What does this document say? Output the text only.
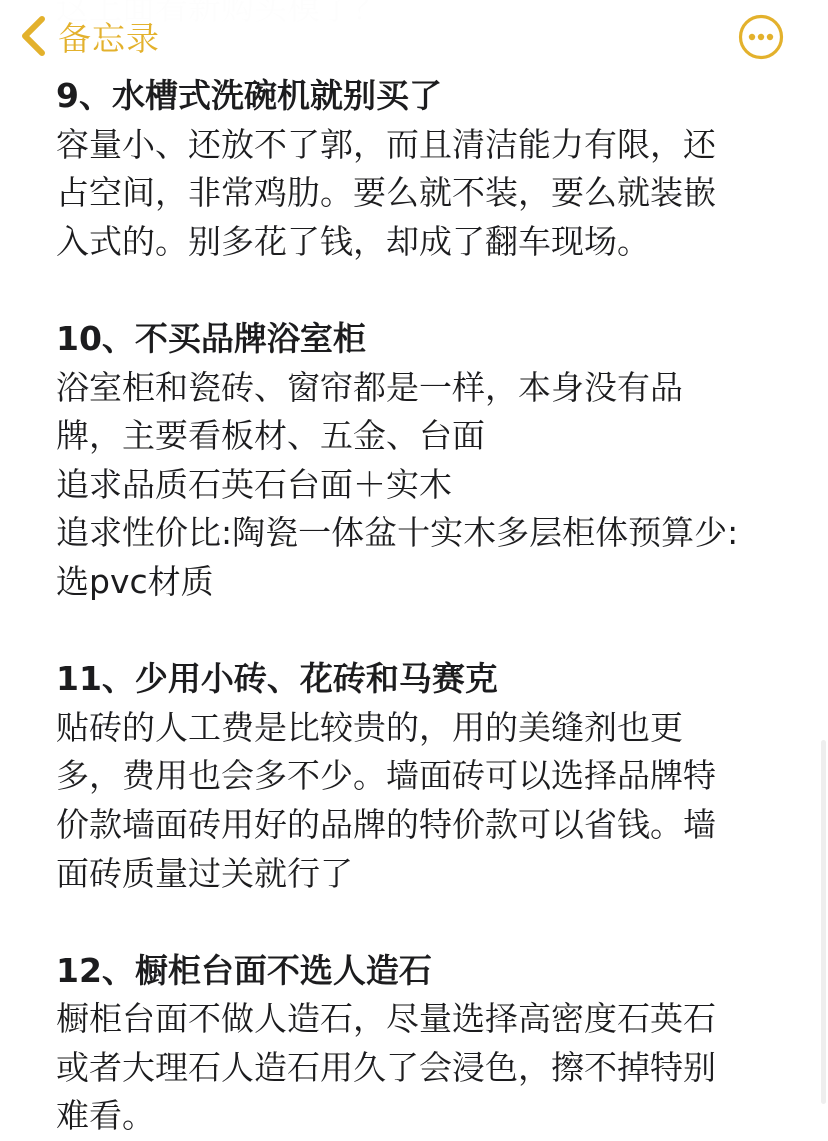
备忘录
9、水槽式洗碗机就别买了
容量小、还放不了郭，而且清洁能力有限，还
占空间，非常鸡肋。要么就不装，要么就装嵌
入式的。别多花了钱，却成了翻车现场。
10、不买品牌浴室柜
浴室柜和瓷砖、窗帘都是一样，本身没有品
牌，主要看板材、五金、台面
追求品质石英石台面＋实木
追求性价比:陶瓷一体盆十实木多层柜体预算少:
选pvc材质
11、少用小砖、花砖和马赛克
贴砖的人工费是比较贵的，用的美缝剂也更
多，费用也会多不少。墙面砖可以选择品牌特
价款墙面砖用好的品牌的特价款可以省钱。墙
面砖质量过关就行了
12、橱柜台面不选人造石
橱柜台面不做人造石，尽量选择高密度石英石
或者大理石人造石用久了会浸色，擦不掉特别
难看。
